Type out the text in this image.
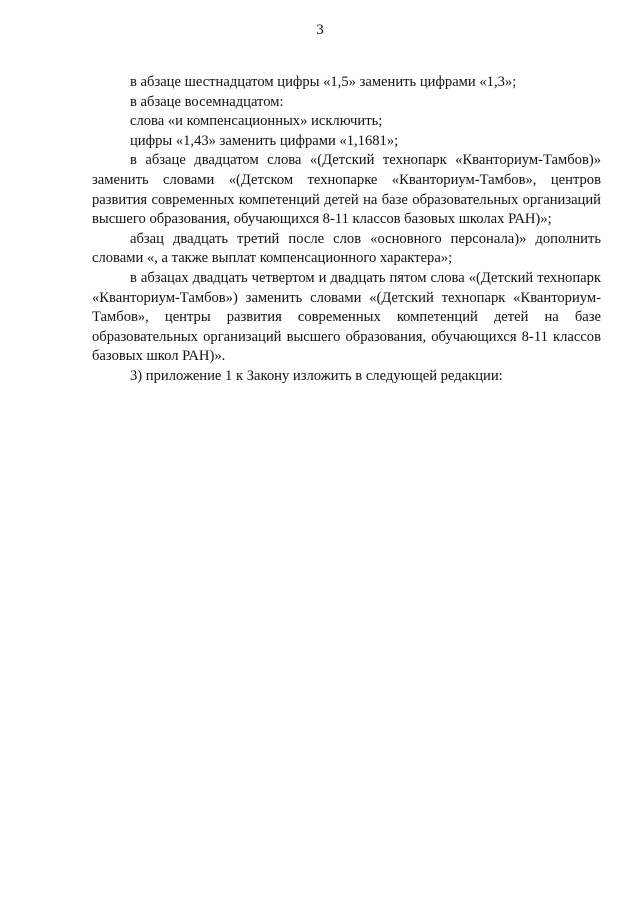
3

в абзаце шестнадцатом цифры «1,5» заменить цифрами «1,3»;

в абзаце восемнадцатом:

слова «и компенсационных» исключить;

цифры «1,43» заменить цифрами «1,1681»;

в абзаце двадцатом слова «(Детский технопарк «Кванториум-Тамбов)» заменить словами «(Детском технопарке «Кванториум-Тамбов», центров развития современных компетенций детей на базе образовательных организаций высшего образования, обучающихся 8-11 классов базовых школах РАН)»;

абзац двадцать третий после слов «основного персонала)» дополнить словами «, а также выплат компенсационного характера»;

в абзацах двадцать четвертом и двадцать пятом слова «(Детский технопарк «Кванториум-Тамбов») заменить словами «(Детский технопарк «Кванториум-Тамбов», центры развития современных компетенций детей на базе образовательных организаций высшего образования, обучающихся 8-11 классов базовых школ РАН)».

3) приложение 1 к Закону изложить в следующей редакции:
